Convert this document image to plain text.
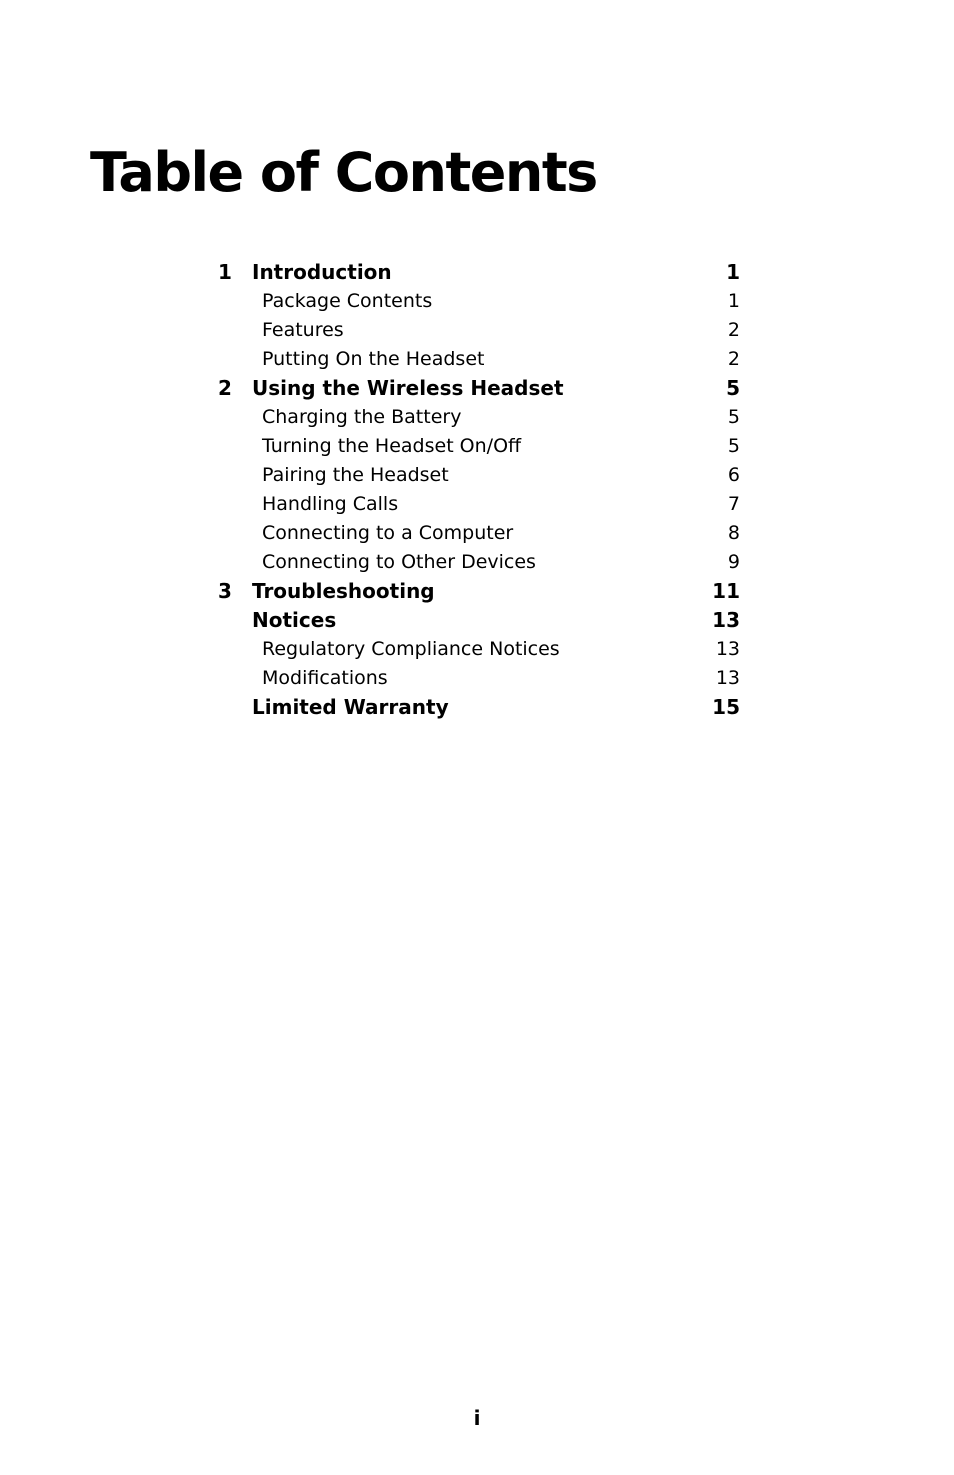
Table of Contents
1 Introduction	1
Package Contents	1
Features	2
Putting On the Headset	2
2 Using the Wireless Headset	5
Charging the Battery	5
Turning the Headset On/Off	5
Pairing the Headset	6
Handling Calls	7
Connecting to a Computer	8
Connecting to Other Devices	9
3 Troubleshooting	11
Notices	13
Regulatory Compliance Notices	13
Modifications	13
Limited Warranty	15
i
